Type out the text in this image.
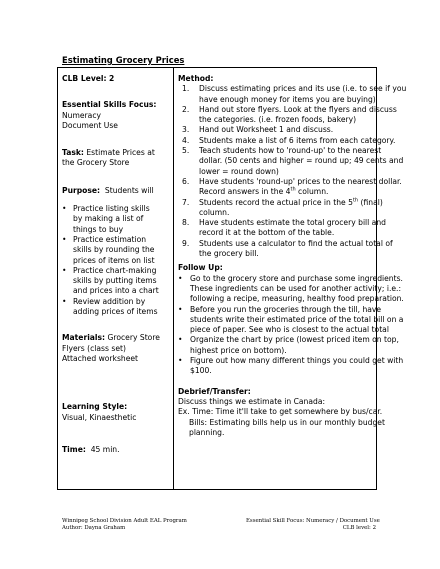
Estimating Grocery Prices
CLB Level: 2
Essential Skills Focus:
Numeracy
Document Use
Task: Estimate Prices at
the Grocery Store
Purpose: Students will
• Practice listing skills
by making a list of
things to buy
• Practice estimation
skills by rounding the
prices of items on list
• Practice chart-making
skills by putting items
and prices into a chart
• Review addition by
adding prices of items
Materials: Grocery Store
Flyers (class set)
Attached worksheet
Learning Style:
Visual, Kinaesthetic
Time: 45 min.
Method:
1. Discuss estimating prices and its use (i.e. to see if you
have enough money for items you are buying)
2. Hand out store flyers. Look at the flyers and discuss
the categories. (i.e. frozen foods, bakery)
3. Hand out Worksheet 1 and discuss.
4. Students make a list of 6 items from each category.
5. Teach students how to 'round-up' to the nearest
dollar. (50 cents and higher = round up; 49 cents and
lower = round down)
6. Have students 'round-up' prices to the nearest dollar.
Record answers in the 4th column.
7. Students record the actual price in the 5th (final)
column.
8. Have students estimate the total grocery bill and
record it at the bottom of the table.
9. Students use a calculator to find the actual total of
the grocery bill.
Follow Up:
• Go to the grocery store and purchase some ingredients.
These ingredients can be used for another activity; i.e.:
following a recipe, measuring, healthy food preparation.
• Before you run the groceries through the till, have
students write their estimated price of the total bill on a
piece of paper. See who is closest to the actual total
• Organize the chart by price (lowest priced item on top,
highest price on bottom).
• Figure out how many different things you could get with
$100.
Debrief/Transfer:
Discuss things we estimate in Canada:
Ex. Time: Time it'll take to get somewhere by bus/car.
Bills: Estimating bills help us in our monthly budget
planning.
Winnipeg School Division Adult EAL Program
Author: Dayna Graham
Essential Skill Focus: Numeracy / Document Use
CLB level: 2
